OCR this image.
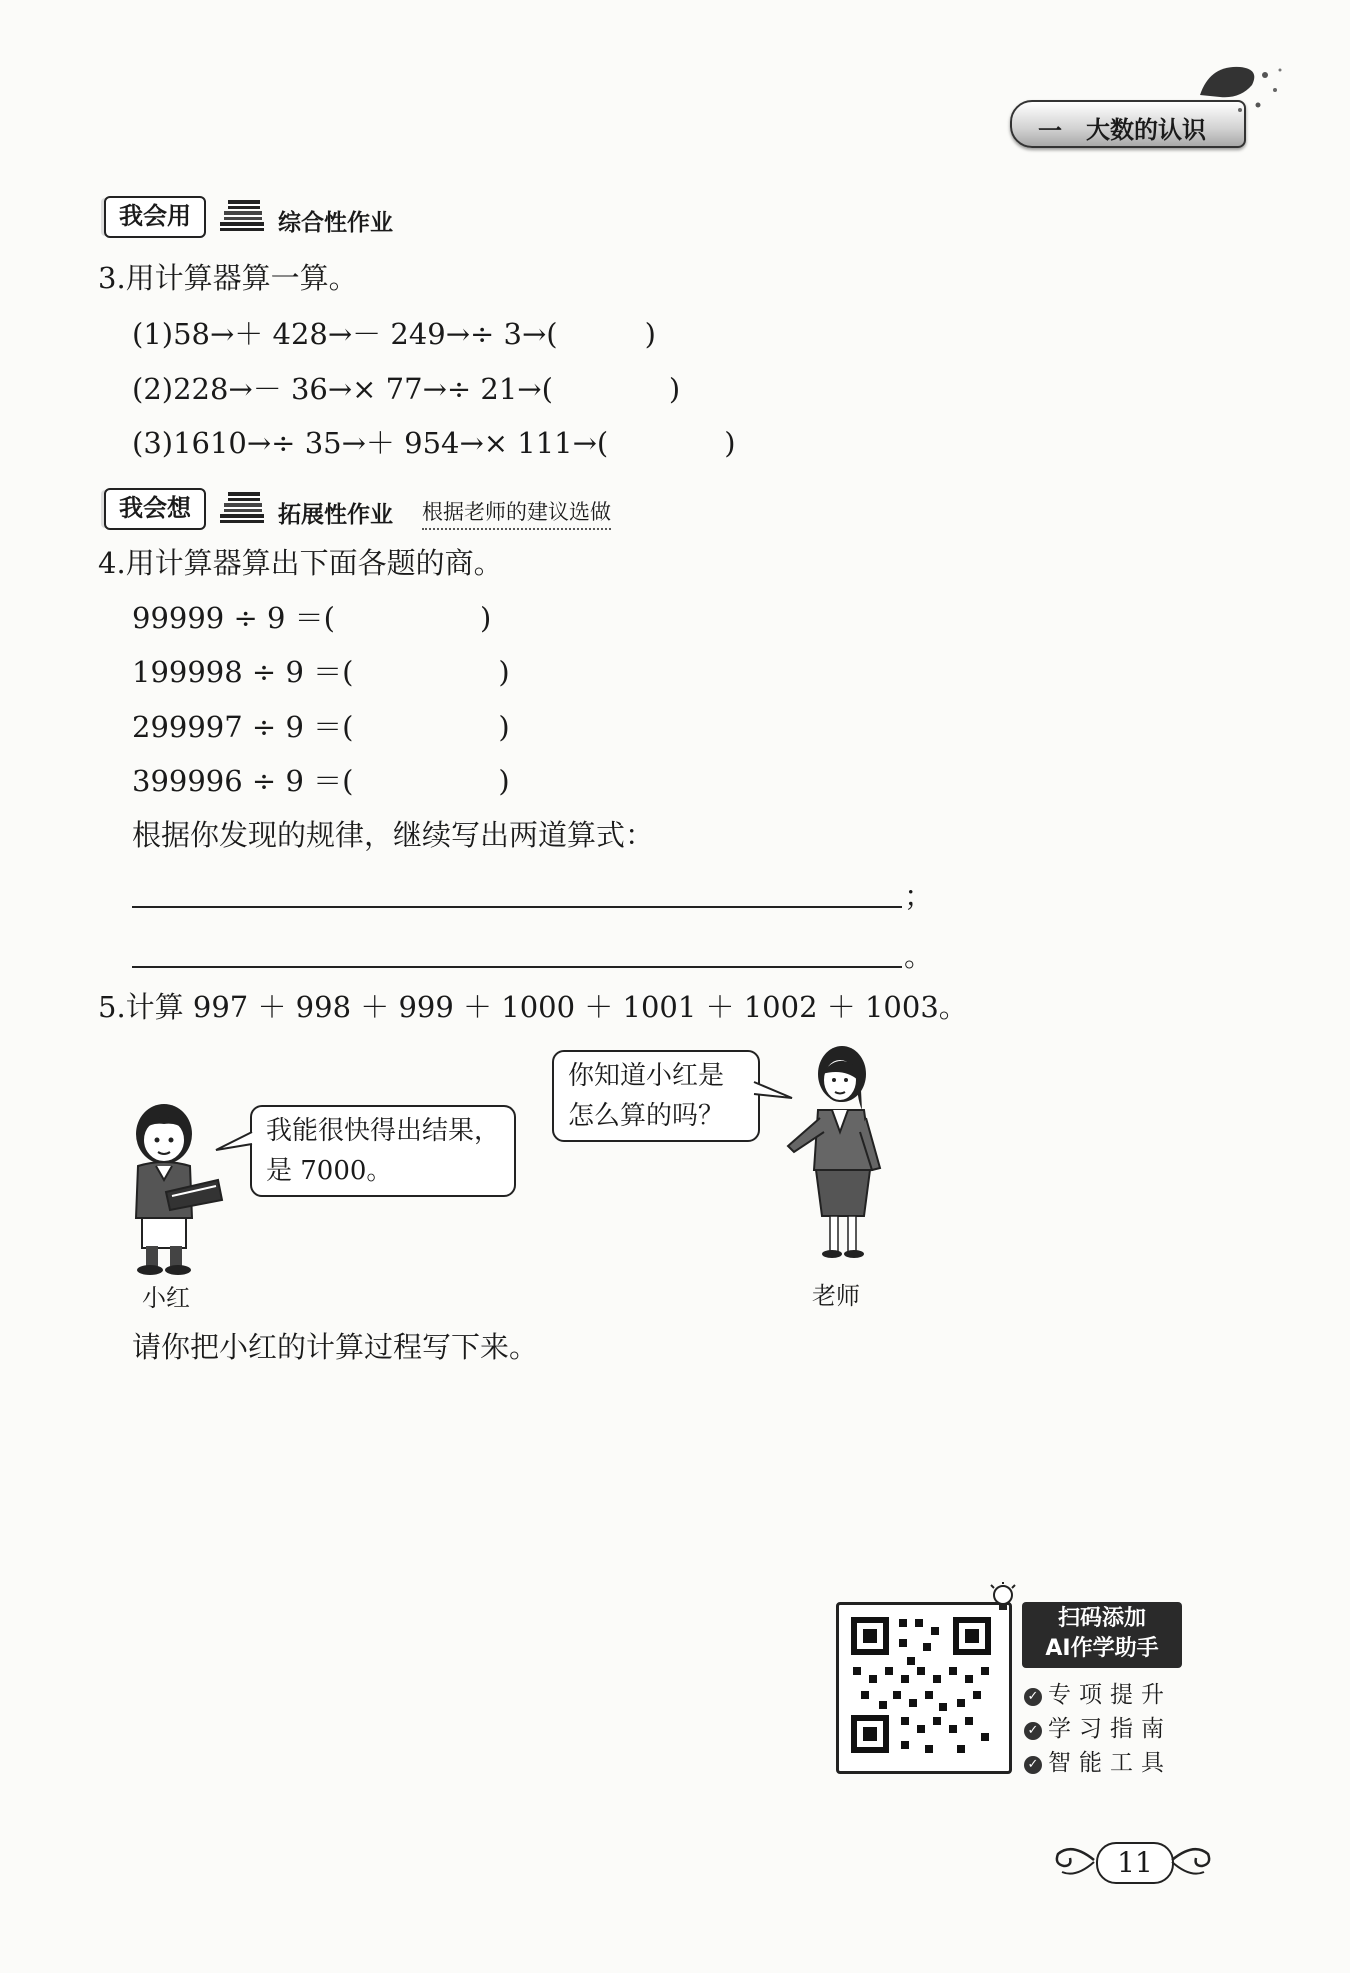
一 大数的认识
我会用	综合性作业
3.用计算器算一算。
(1)58→＋ 428→－ 249→÷ 3→(　　　)
(2)228→－ 36→× 77→÷ 21→(　　　　)
(3)1610→÷ 35→＋ 954→× 111→(　　　　)
我会想	拓展性作业 根据老师的建议选做
4.用计算器算出下面各题的商。
99999 ÷ 9 ＝(　　　　　)
199998 ÷ 9 ＝(　　　　　)
299997 ÷ 9 ＝(　　　　　)
399996 ÷ 9 ＝(　　　　　)
根据你发现的规律，继续写出两道算式：
；
。
5.计算 997 ＋ 998 ＋ 999 ＋ 1000 ＋ 1001 ＋ 1002 ＋ 1003。
我能很快得出结果，
是 7000。
你知道小红是
怎么算的吗？
小红	老师
请你把小红的计算过程写下来。
扫码添加
AI作学助手
✓ 专项提升
✓ 学习指南
✓ 智能工具
11
